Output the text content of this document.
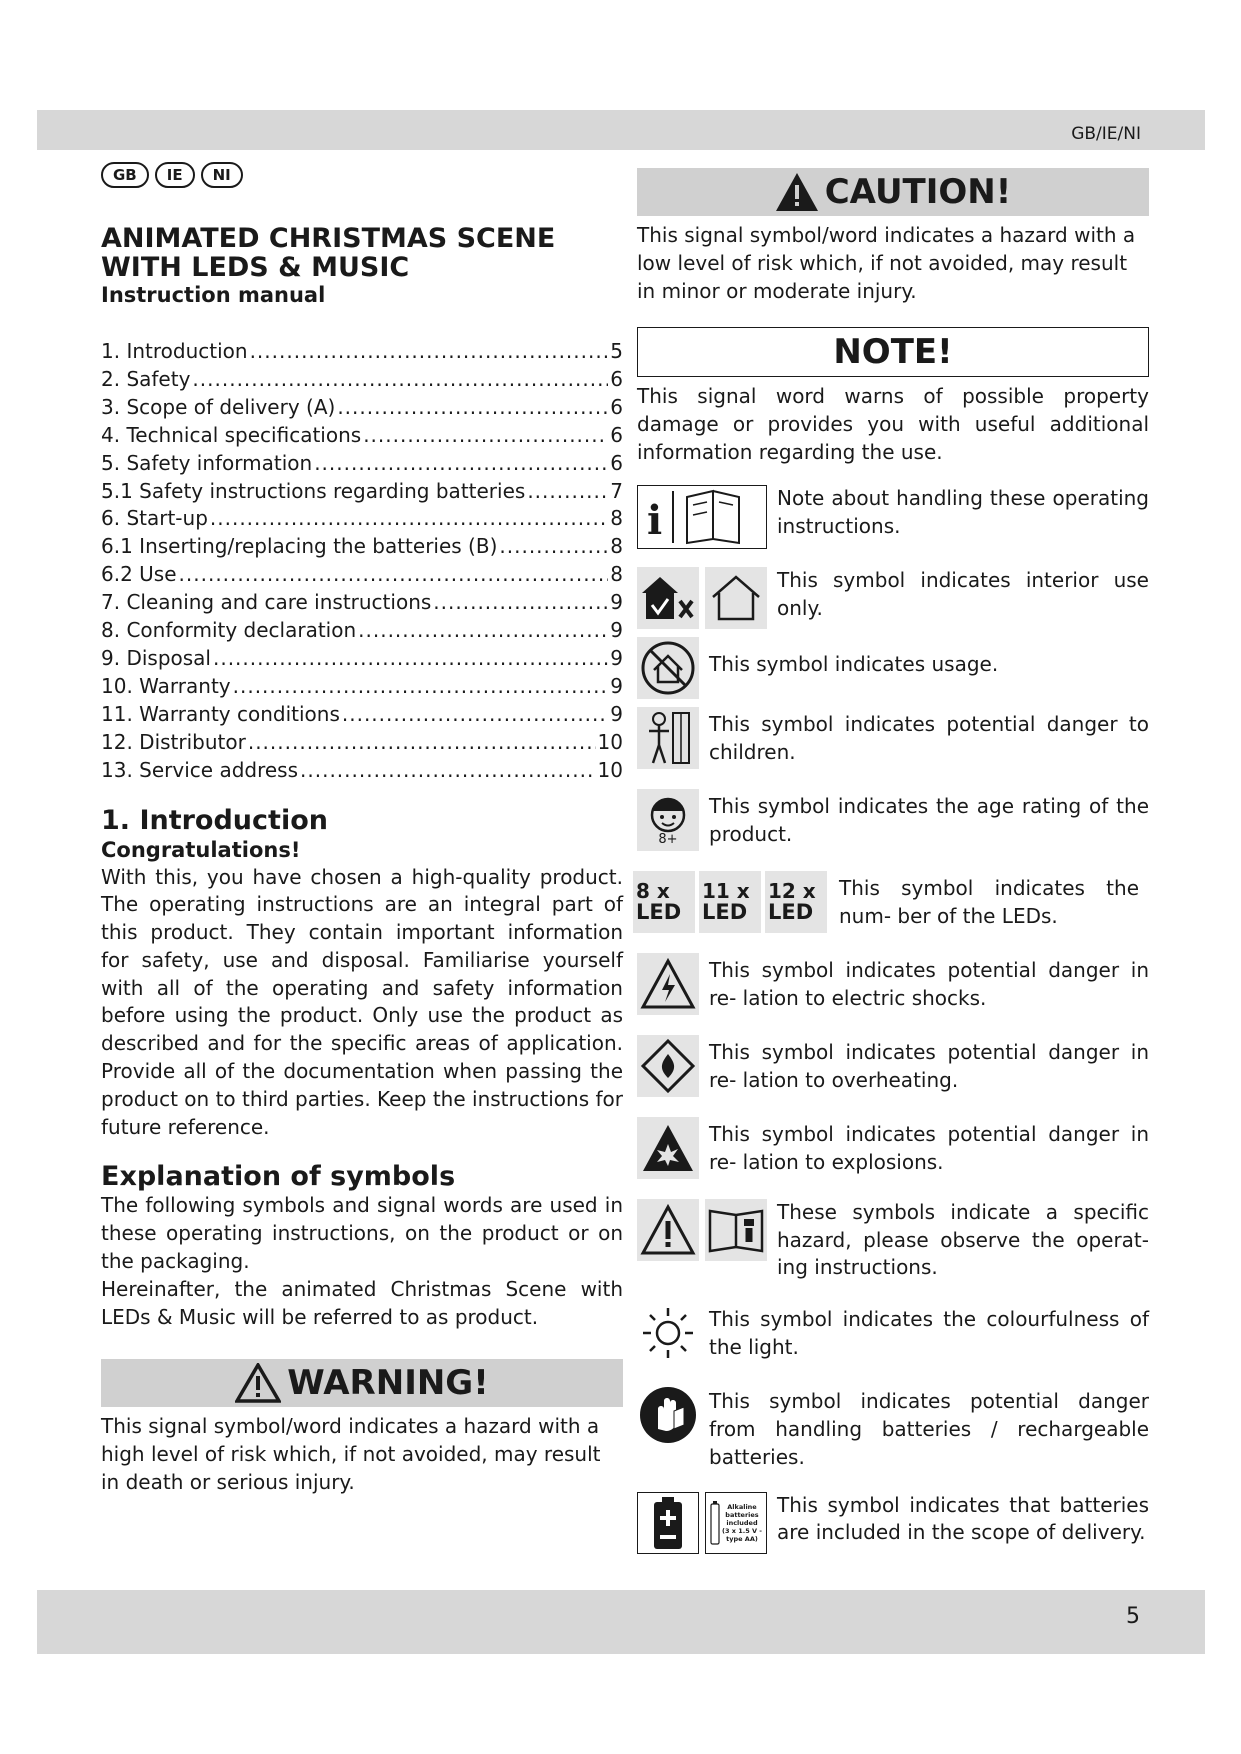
GB/IE/NI
5
GB	IE	NI
ANIMATED CHRISTMAS SCENE
WITH LEDS & MUSIC
Instruction manual
1. Introduction .....	5
2. Safety .....	6
3. Scope of delivery (A) .....	6
4. Technical specifications .....	6
5. Safety information .....	6
5.1 Safety instructions regarding batteries .....	7
6. Start-up .....	8
6.1 Inserting/replacing the batteries (B) .....	8
6.2 Use .....	8
7. Cleaning and care instructions .....	9
8. Conformity declaration .....	9
9. Disposal .....	9
10. Warranty .....	9
11. Warranty conditions .....	9
12. Distributor .....	10
13. Service address .....	10
1. Introduction
Congratulations!

With this, you have chosen a high-quality product. The operating instructions are an integral part of this product. They contain important information for safety, use and disposal. Familiarise yourself with all of the operating and safety information before using the product. Only use the product as described and for the specific areas of application. Provide all of the documentation when passing the product on to third parties. Keep the instructions for future reference.

Explanation of symbols

The following symbols and signal words are used in these operating instructions, on the product or on the packaging.

Hereinafter, the animated Christmas Scene with LEDs & Music will be referred to as product.

WARNING!

This signal symbol/word indicates a hazard with a high level of risk which, if not avoided, may result in death or serious injury.

CAUTION!

This signal symbol/word indicates a hazard with a low level of risk which, if not avoided, may result in minor or moderate injury.

NOTE!

This signal word warns of possible property damage or provides you with useful additional information regarding the use.

i	Note about handling these operating instructions.
This symbol indicates interior use only.
This symbol indicates usage.
This symbol indicates potential danger to children.
8+
This symbol indicates the age rating of the product.
8 x
LED
11 x
LED
12 x
LED
This symbol indicates the num- ber of the LEDs.
This symbol indicates potential danger in re- lation to electric shocks.
This symbol indicates potential danger in re- lation to overheating.
This symbol indicates potential danger in re- lation to explosions.
These symbols indicate a specific hazard, please observe the operat- ing instructions.
This symbol indicates the colourfulness of the light.
This symbol indicates potential danger from handling batteries / rechargeable batteries.
Alkaline
batteries
included
(3 x 1.5 V -
type AA)
This symbol indicates that batteries are included in the scope of delivery.
